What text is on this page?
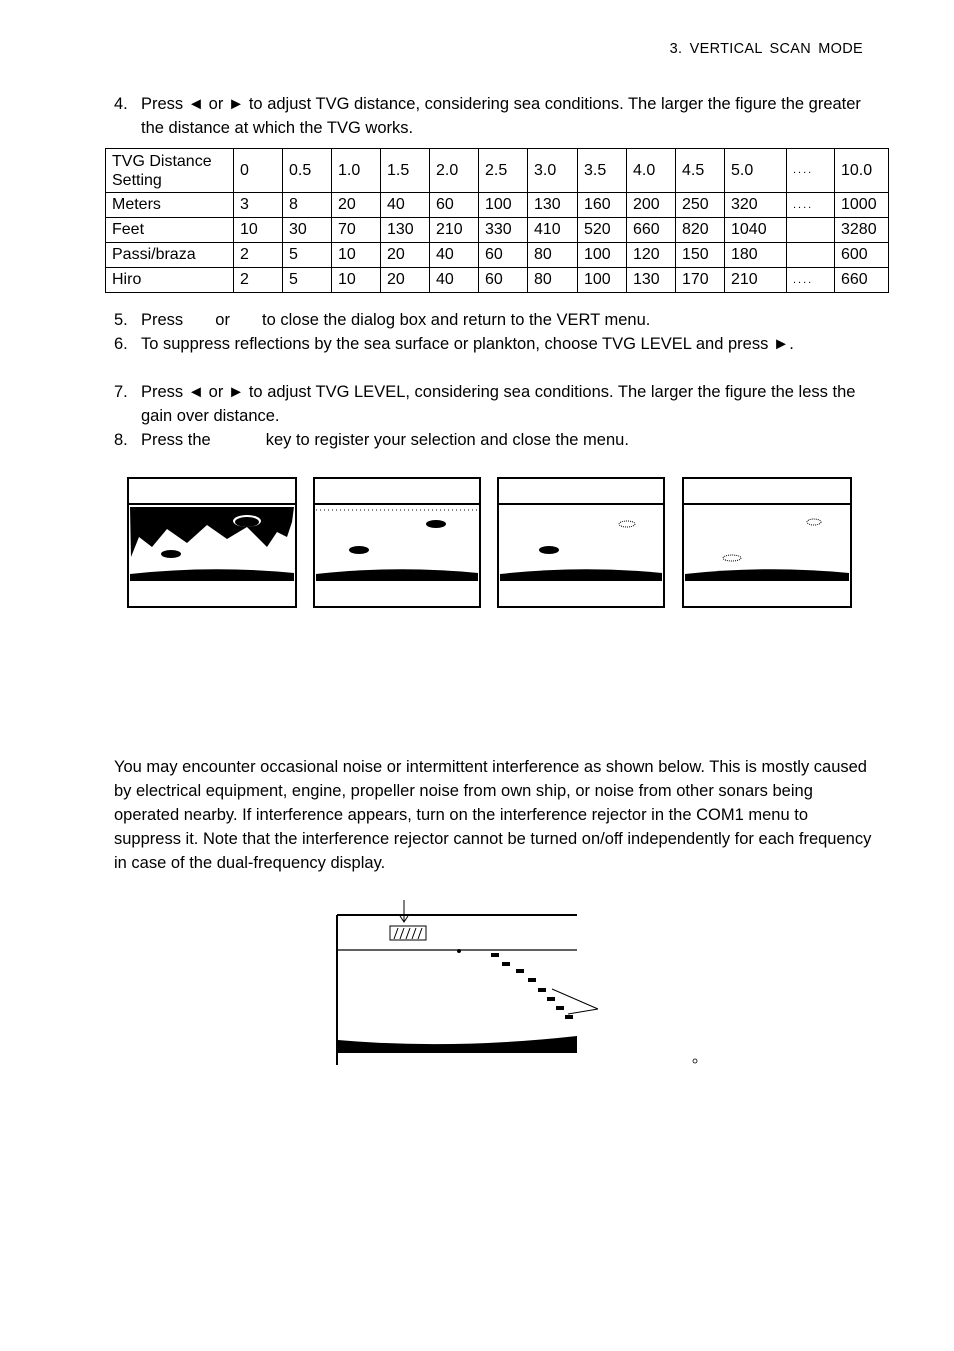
3. VERTICAL SCAN MODE
4. Press ◄ or ► to adjust TVG distance, considering sea conditions. The larger the figure the greater the distance at which the TVG works.
TVG Distance Setting	0	0.5	1.0	1.5	2.0	2.5	3.0	3.5	4.0	4.5	5.0	....	10.0
Meters	3	8	20	40	60	100	130	160	200	250	320	....	1000
Feet	10	30	70	130	210	330	410	520	660	820	1040		3280
Passi/braza	2	5	10	20	40	60	80	100	120	150	180		600
Hiro	2	5	10	20	40	60	80	100	130	170	210	....	660
5. Press       or       to close the dialog box and return to the VERT menu.
6. To suppress reflections by the sea surface or plankton, choose TVG LEVEL and press ►.
7. Press ◄ or ► to adjust TVG LEVEL, considering sea conditions. The larger the figure the less the gain over distance.
8. Press the            key to register your selection and close the menu.
You may encounter occasional noise or intermittent interference as shown below. This is mostly caused by electrical equipment, engine, propeller noise from own ship, or noise from other sonars being operated nearby. If interference appears, turn on the interference rejector in the COM1 menu to suppress it. Note that the interference rejector cannot be turned on/off independently for each frequency in case of the dual-frequency display.
